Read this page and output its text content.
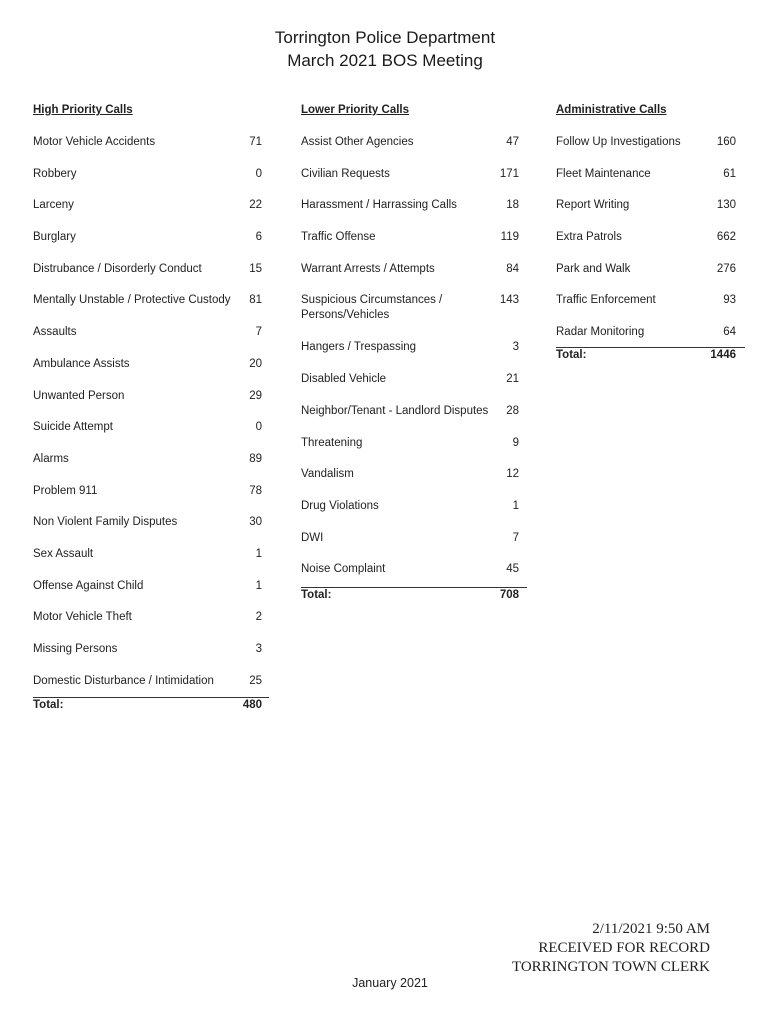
Torrington Police Department
March 2021 BOS Meeting
High Priority Calls
Motor Vehicle Accidents	71
Robbery	0
Larceny	22
Burglary	6
Distrubance / Disorderly Conduct	15
Mentally Unstable / Protective Custody 81
Assaults	7
Ambulance Assists	20
Unwanted Person	29
Suicide Attempt	0
Alarms	89
Problem 911	78
Non Violent Family Disputes	30
Sex Assault	1
Offense Against Child	1
Motor Vehicle Theft	2
Missing Persons	3
Domestic Disturbance / Intimidation	25
Total:	480
Lower Priority Calls
Assist Other Agencies	47
Civilian Requests	171
Harassment / Harrassing Calls	18
Traffic Offense	119
Warrant Arrests / Attempts	84
Suspicious Circumstances / Persons/Vehicles
143
Hangers / Trespassing	3
Disabled Vehicle	21
Neighbor/Tenant - Landlord Disputes 28
Threatening	9
Vandalism	12
Drug Violations	1
DWI	7
Noise Complaint	45
Total:	708
Administrative Calls
Follow Up Investigations	160
Fleet Maintenance	61
Report Writing	130
Extra Patrols	662
Park and Walk	276
Traffic Enforcement	93
Radar Monitoring	64
Total:	1446
2/11/2021 9:50 AM
RECEIVED FOR RECORD
TORRINGTON TOWN CLERK
January 2021
